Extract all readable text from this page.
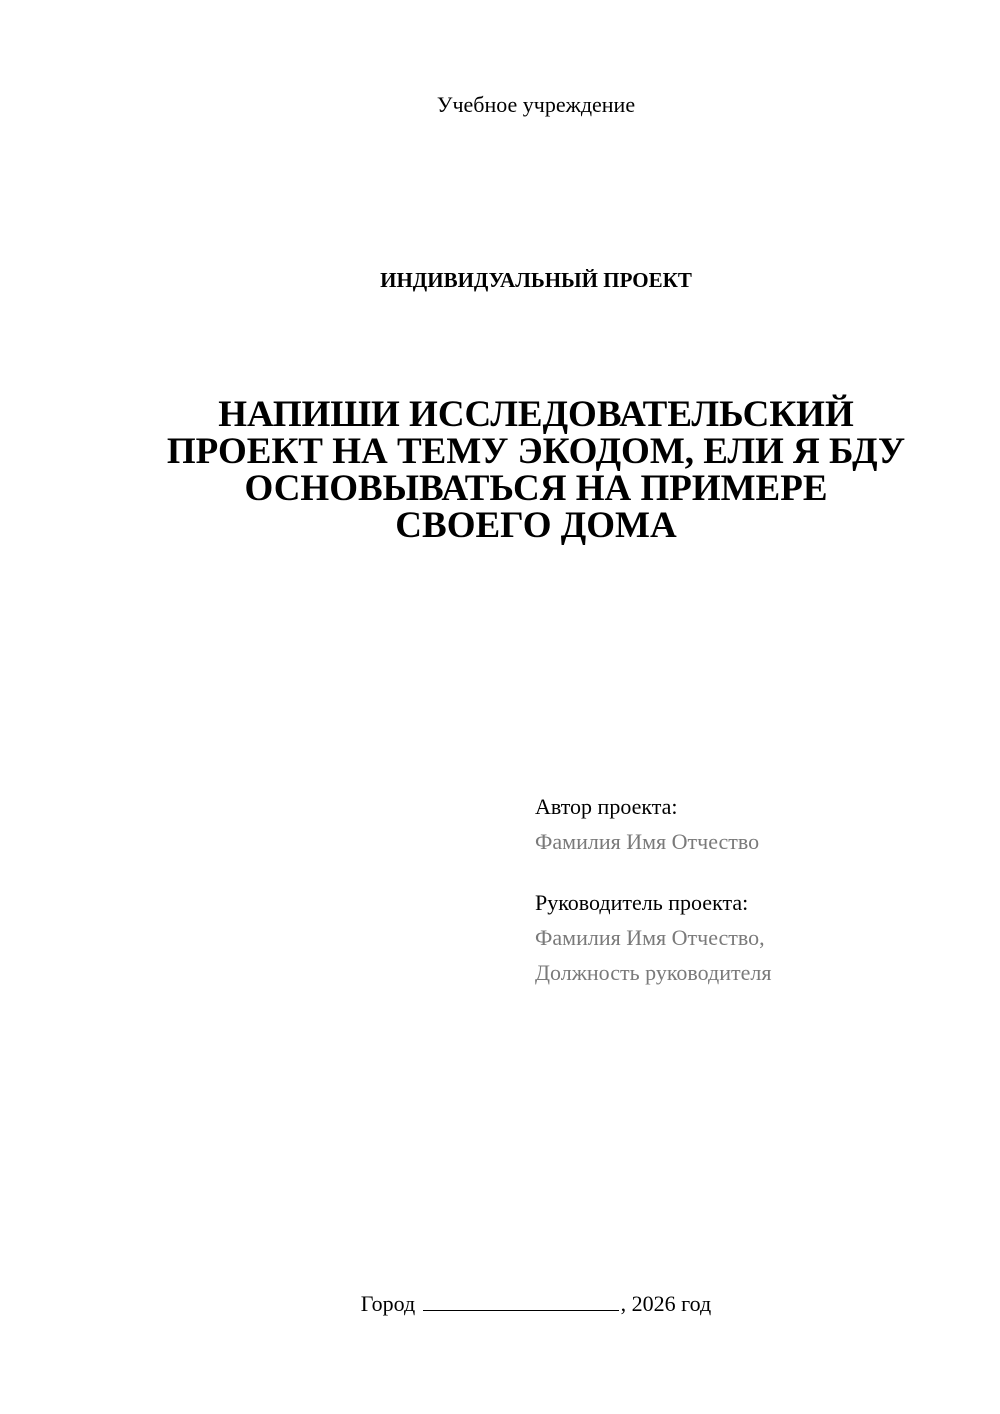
Учебное учреждение
ИНДИВИДУАЛЬНЫЙ ПРОЕКТ
НАПИШИ ИССЛЕДОВАТЕЛЬСКИЙ
ПРОЕКТ НА ТЕМУ ЭКОДОМ, ЕЛИ Я БДУ
ОСНОВЫВАТЬСЯ НА ПРИМЕРЕ
СВОЕГО ДОМА
Автор проекта:
Фамилия Имя Отчество
Руководитель проекта:
Фамилия Имя Отчество,
Должность руководителя
Город	, 2026 год
